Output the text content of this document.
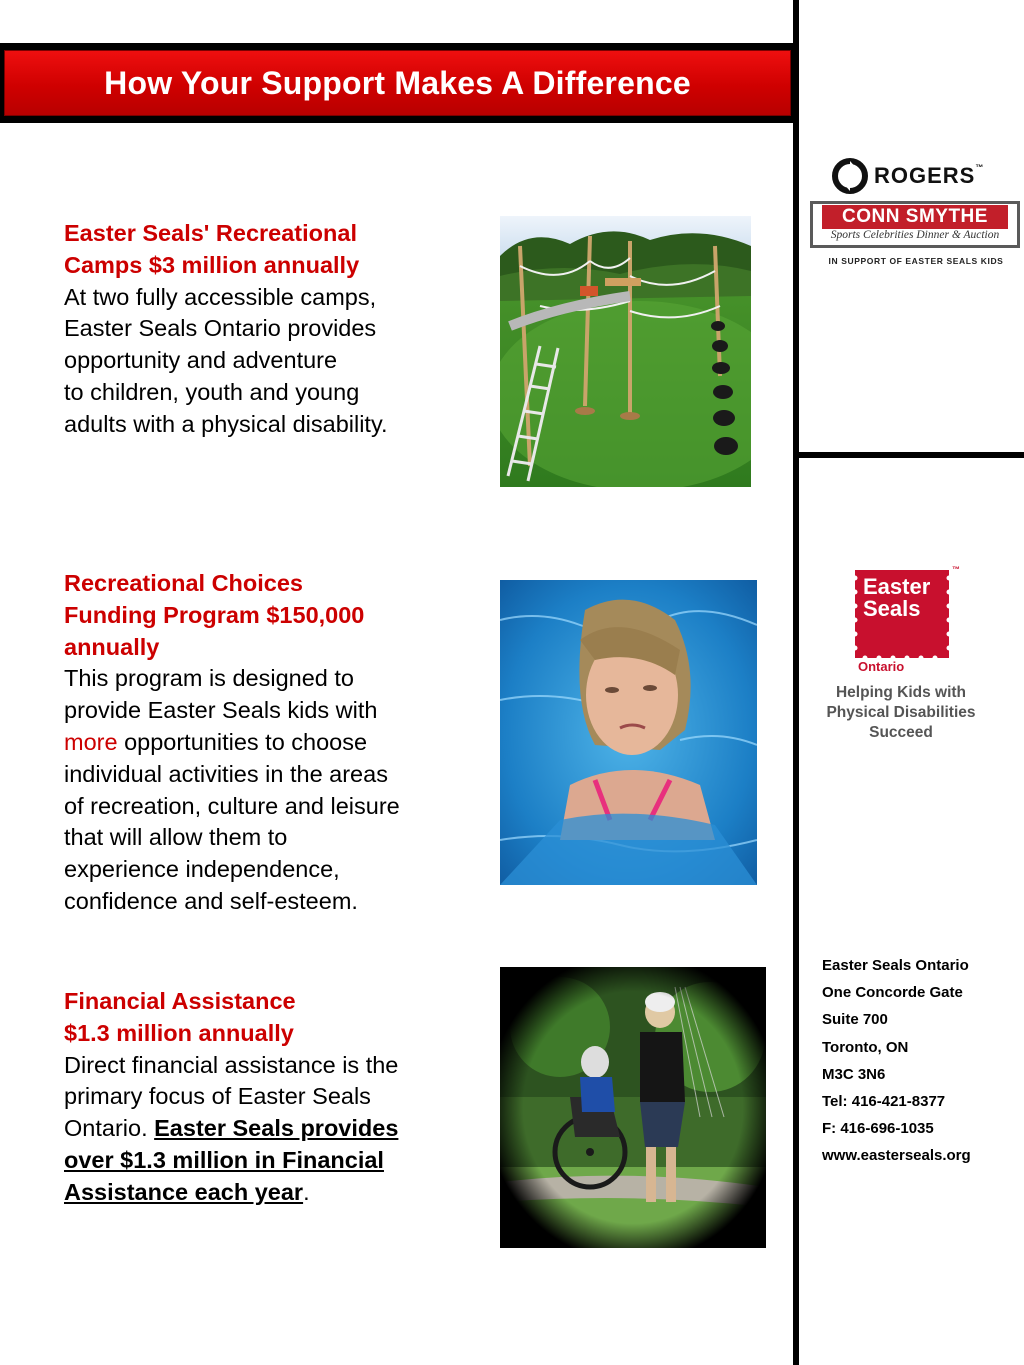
How Your Support Makes A Difference
Easter Seals' Recreational
Camps $3 million annually
At two fully accessible camps,
Easter Seals Ontario provides
opportunity and adventure
to children, youth and young
adults with a physical disability.
Recreational Choices
Funding Program $150,000
annually
This program is designed to
provide Easter Seals kids with
more opportunities to choose
individual activities in the areas
of recreation, culture and leisure
that will allow them to
experience independence,
confidence and self-esteem.
Financial Assistance
$1.3 million annually
Direct financial assistance is the
primary focus of Easter Seals
Ontario. Easter Seals provides
over $1.3 million in Financial
Assistance each year.
ROGERS™
CONN SMYTHE
Sports Celebrities Dinner & Auction
IN SUPPORT OF EASTER SEALS KIDS
Easter
Seals
™
Ontario
Helping Kids with
Physical Disabilities
Succeed
Easter Seals Ontario
One Concorde Gate
Suite 700
Toronto, ON
M3C 3N6
Tel: 416-421-8377
F: 416-696-1035
www.easterseals.org
